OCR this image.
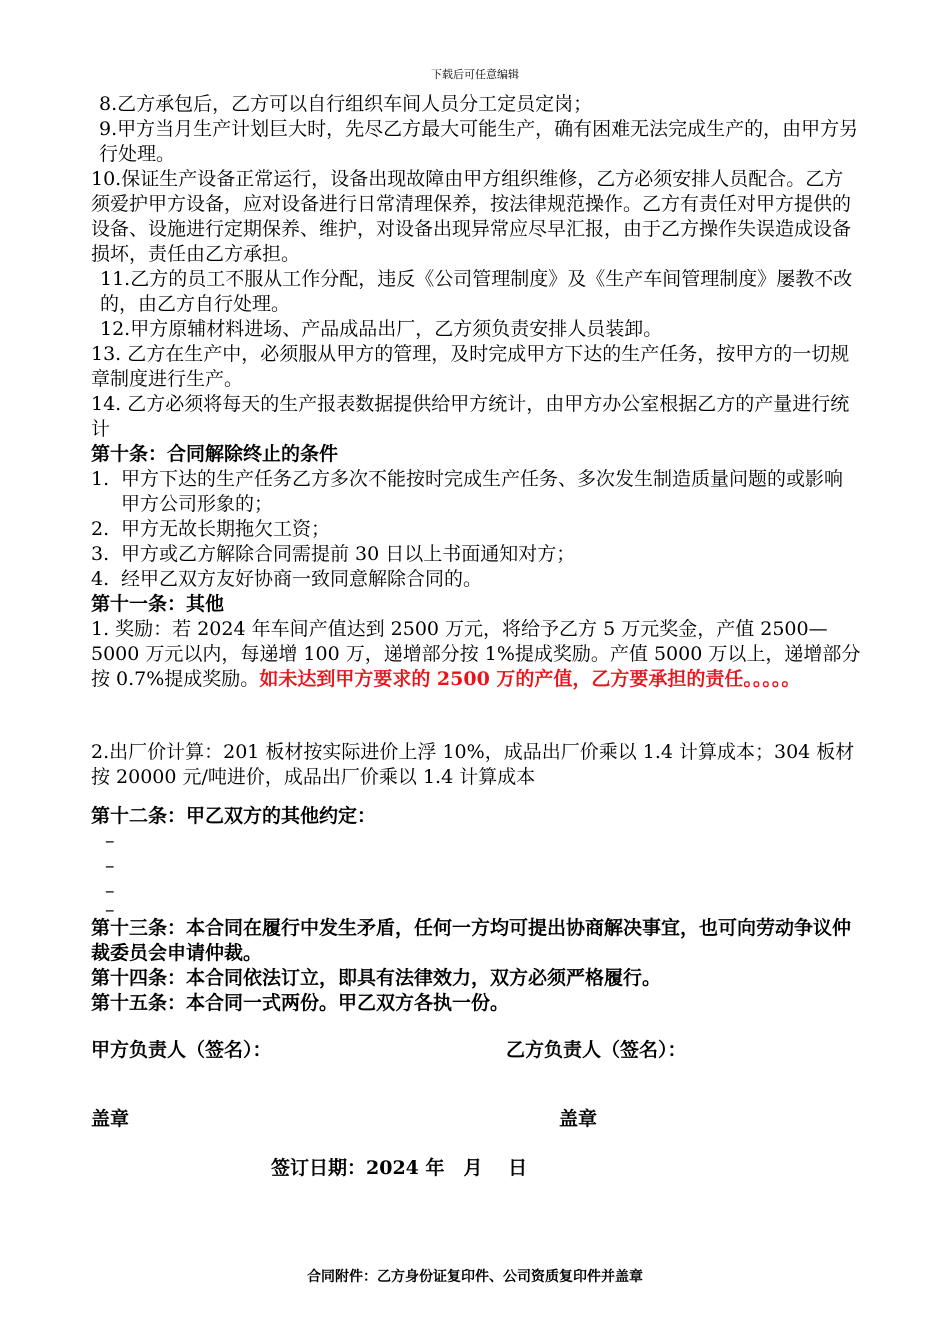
下载后可任意编辑

8.乙方承包后，乙方可以自行组织车间人员分工定员定岗；

9.甲方当月生产计划巨大时，先尽乙方最大可能生产，确有困难无法完成生产的，由甲方另行处理。

10.保证生产设备正常运行，设备出现故障由甲方组织维修，乙方必须安排人员配合。乙方须爱护甲方设备，应对设备进行日常清理保养，按法律规范操作。乙方有责任对甲方提供的设备、设施进行定期保养、维护，对设备出现异常应尽早汇报，由于乙方操作失误造成设备损坏，责任由乙方承担。

11.乙方的员工不服从工作分配，违反《公司管理制度》及《生产车间管理制度》屡教不改的，由乙方自行处理。

12.甲方原辅材料进场、产品成品出厂，乙方须负责安排人员装卸。

13. 乙方在生产中，必须服从甲方的管理，及时完成甲方下达的生产任务，按甲方的一切规章制度进行生产。

14. 乙方必须将每天的生产报表数据提供给甲方统计，由甲方办公室根据乙方的产量进行统计

第十条：合同解除终止的条件

1. 甲方下达的生产任务乙方多次不能按时完成生产任务、多次发生制造质量问题的或影响甲方公司形象的；
2. 甲方无故长期拖欠工资；
3. 甲方或乙方解除合同需提前 30 日以上书面通知对方；
4. 经甲乙双方友好协商一致同意解除合同的。

第十一条：其他

1. 奖励：若 2024 年车间产值达到 2500 万元，将给予乙方 5 万元奖金，产值 2500—5000 万元以内，每递增 100 万，递增部分按 1%提成奖励。产值 5000 万以上，递增部分按 0.7%提成奖励。如未达到甲方要求的 2500 万的产值，乙方要承担的责任。。。。。

2.出厂价计算：201 板材按实际进价上浮 10%，成品出厂价乘以 1.4 计算成本；304 板材按 20000 元/吨进价，成品出厂价乘以 1.4 计算成本

第十二条：甲乙双方的其他约定：

–
–
–
–

第十三条：本合同在履行中发生矛盾，任何一方均可提出协商解决事宜，也可向劳动争议仲裁委员会申请仲裁。

第十四条：本合同依法订立，即具有法律效力，双方必须严格履行。

第十五条：本合同一式两份。甲乙双方各执一份。

甲方负责人（签名）：	乙方负责人（签名）：
盖章	盖章
签订日期：2024 年　月　 日
合同附件：乙方身份证复印件、公司资质复印件并盖章
